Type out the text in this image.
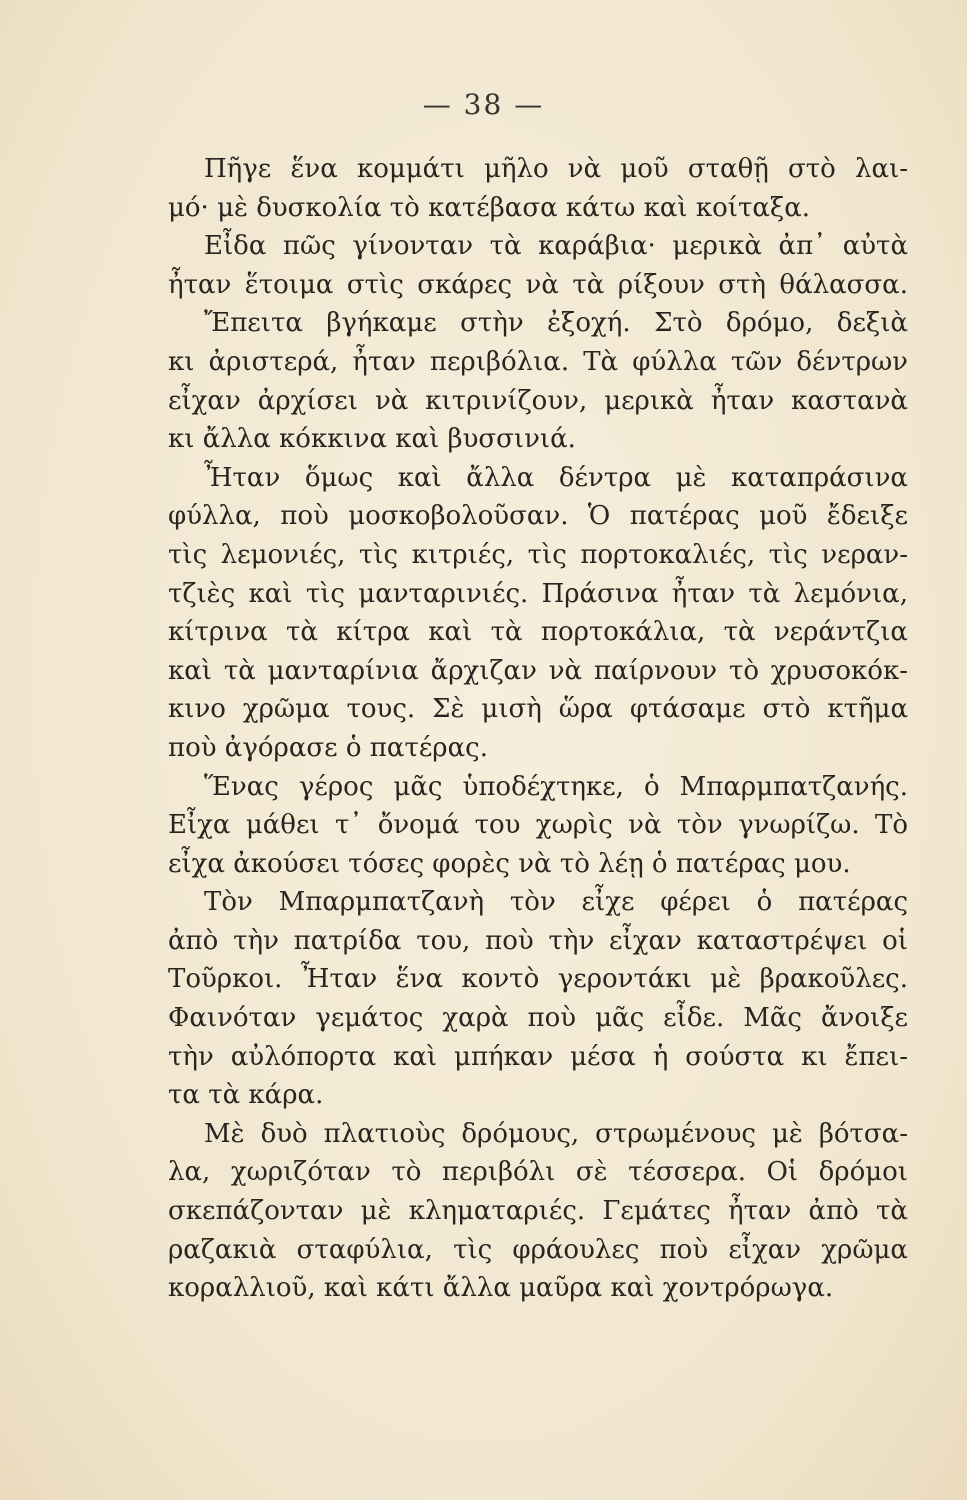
— 38 —
Πῆγε ἕνα κομμάτι μῆλο νὰ μοῦ σταθῇ στὸ λαι-
μό· μὲ δυσκολία τὸ κατέβασα κάτω καὶ κοίταξα.
Εἶδα πῶς γίνονταν τὰ καράβια· μερικὰ ἀπ᾽ αὐτὰ
ἦταν ἕτοιμα στὶς σκάρες νὰ τὰ ρίξουν στὴ θάλασσα.
Ἔπειτα βγήκαμε στὴν ἐξοχή. Στὸ δρόμο, δεξιὰ
κι ἀριστερά, ἦταν περιβόλια. Τὰ φύλλα τῶν δέντρων
εἶχαν ἀρχίσει νὰ κιτρινίζουν, μερικὰ ἦταν καστανὰ
κι ἄλλα κόκκινα καὶ βυσσινιά.
Ἦταν ὅμως καὶ ἄλλα δέντρα μὲ καταπράσινα
φύλλα, ποὺ μοσκοβολοῦσαν. Ὁ πατέρας μοῦ ἔδειξε
τὶς λεμονιές, τὶς κιτριές, τὶς πορτοκαλιές, τὶς νεραν-
τζιὲς καὶ τὶς μανταρινιές. Πράσινα ἦταν τὰ λεμόνια,
κίτρινα τὰ κίτρα καὶ τὰ πορτοκάλια, τὰ νεράντζια
καὶ τὰ μανταρίνια ἄρχιζαν νὰ παίρνουν τὸ χρυσοκόκ-
κινο χρῶμα τους. Σὲ μισὴ ὥρα φτάσαμε στὸ κτῆμα
ποὺ ἀγόρασε ὁ πατέρας.
Ἕνας γέρος μᾶς ὑποδέχτηκε, ὁ Μπαρμπατζανής.
Εἶχα μάθει τ᾽ ὄνομά του χωρὶς νὰ τὸν γνωρίζω. Τὸ
εἶχα ἀκούσει τόσες φορὲς νὰ τὸ λέῃ ὁ πατέρας μου.
Τὸν Μπαρμπατζανὴ τὸν εἶχε φέρει ὁ πατέρας
ἀπὸ τὴν πατρίδα του, ποὺ τὴν εἶχαν καταστρέψει οἱ
Τοῦρκοι. Ἦταν ἕνα κοντὸ γεροντάκι μὲ βρακοῦλες.
Φαινόταν γεμάτος χαρὰ ποὺ μᾶς εἶδε. Μᾶς ἄνοιξε
τὴν αὐλόπορτα καὶ μπήκαν μέσα ἡ σούστα κι ἔπει-
τα τὰ κάρα.
Μὲ δυὸ πλατιοὺς δρόμους, στρωμένους μὲ βότσα-
λα, χωριζόταν τὸ περιβόλι σὲ τέσσερα. Οἱ δρόμοι
σκεπάζονταν μὲ κληματαριές. Γεμάτες ἦταν ἀπὸ τὰ
ραζακιὰ σταφύλια, τὶς φράουλες ποὺ εἶχαν χρῶμα
κοραλλιοῦ, καὶ κάτι ἄλλα μαῦρα καὶ χοντρόρωγα.
